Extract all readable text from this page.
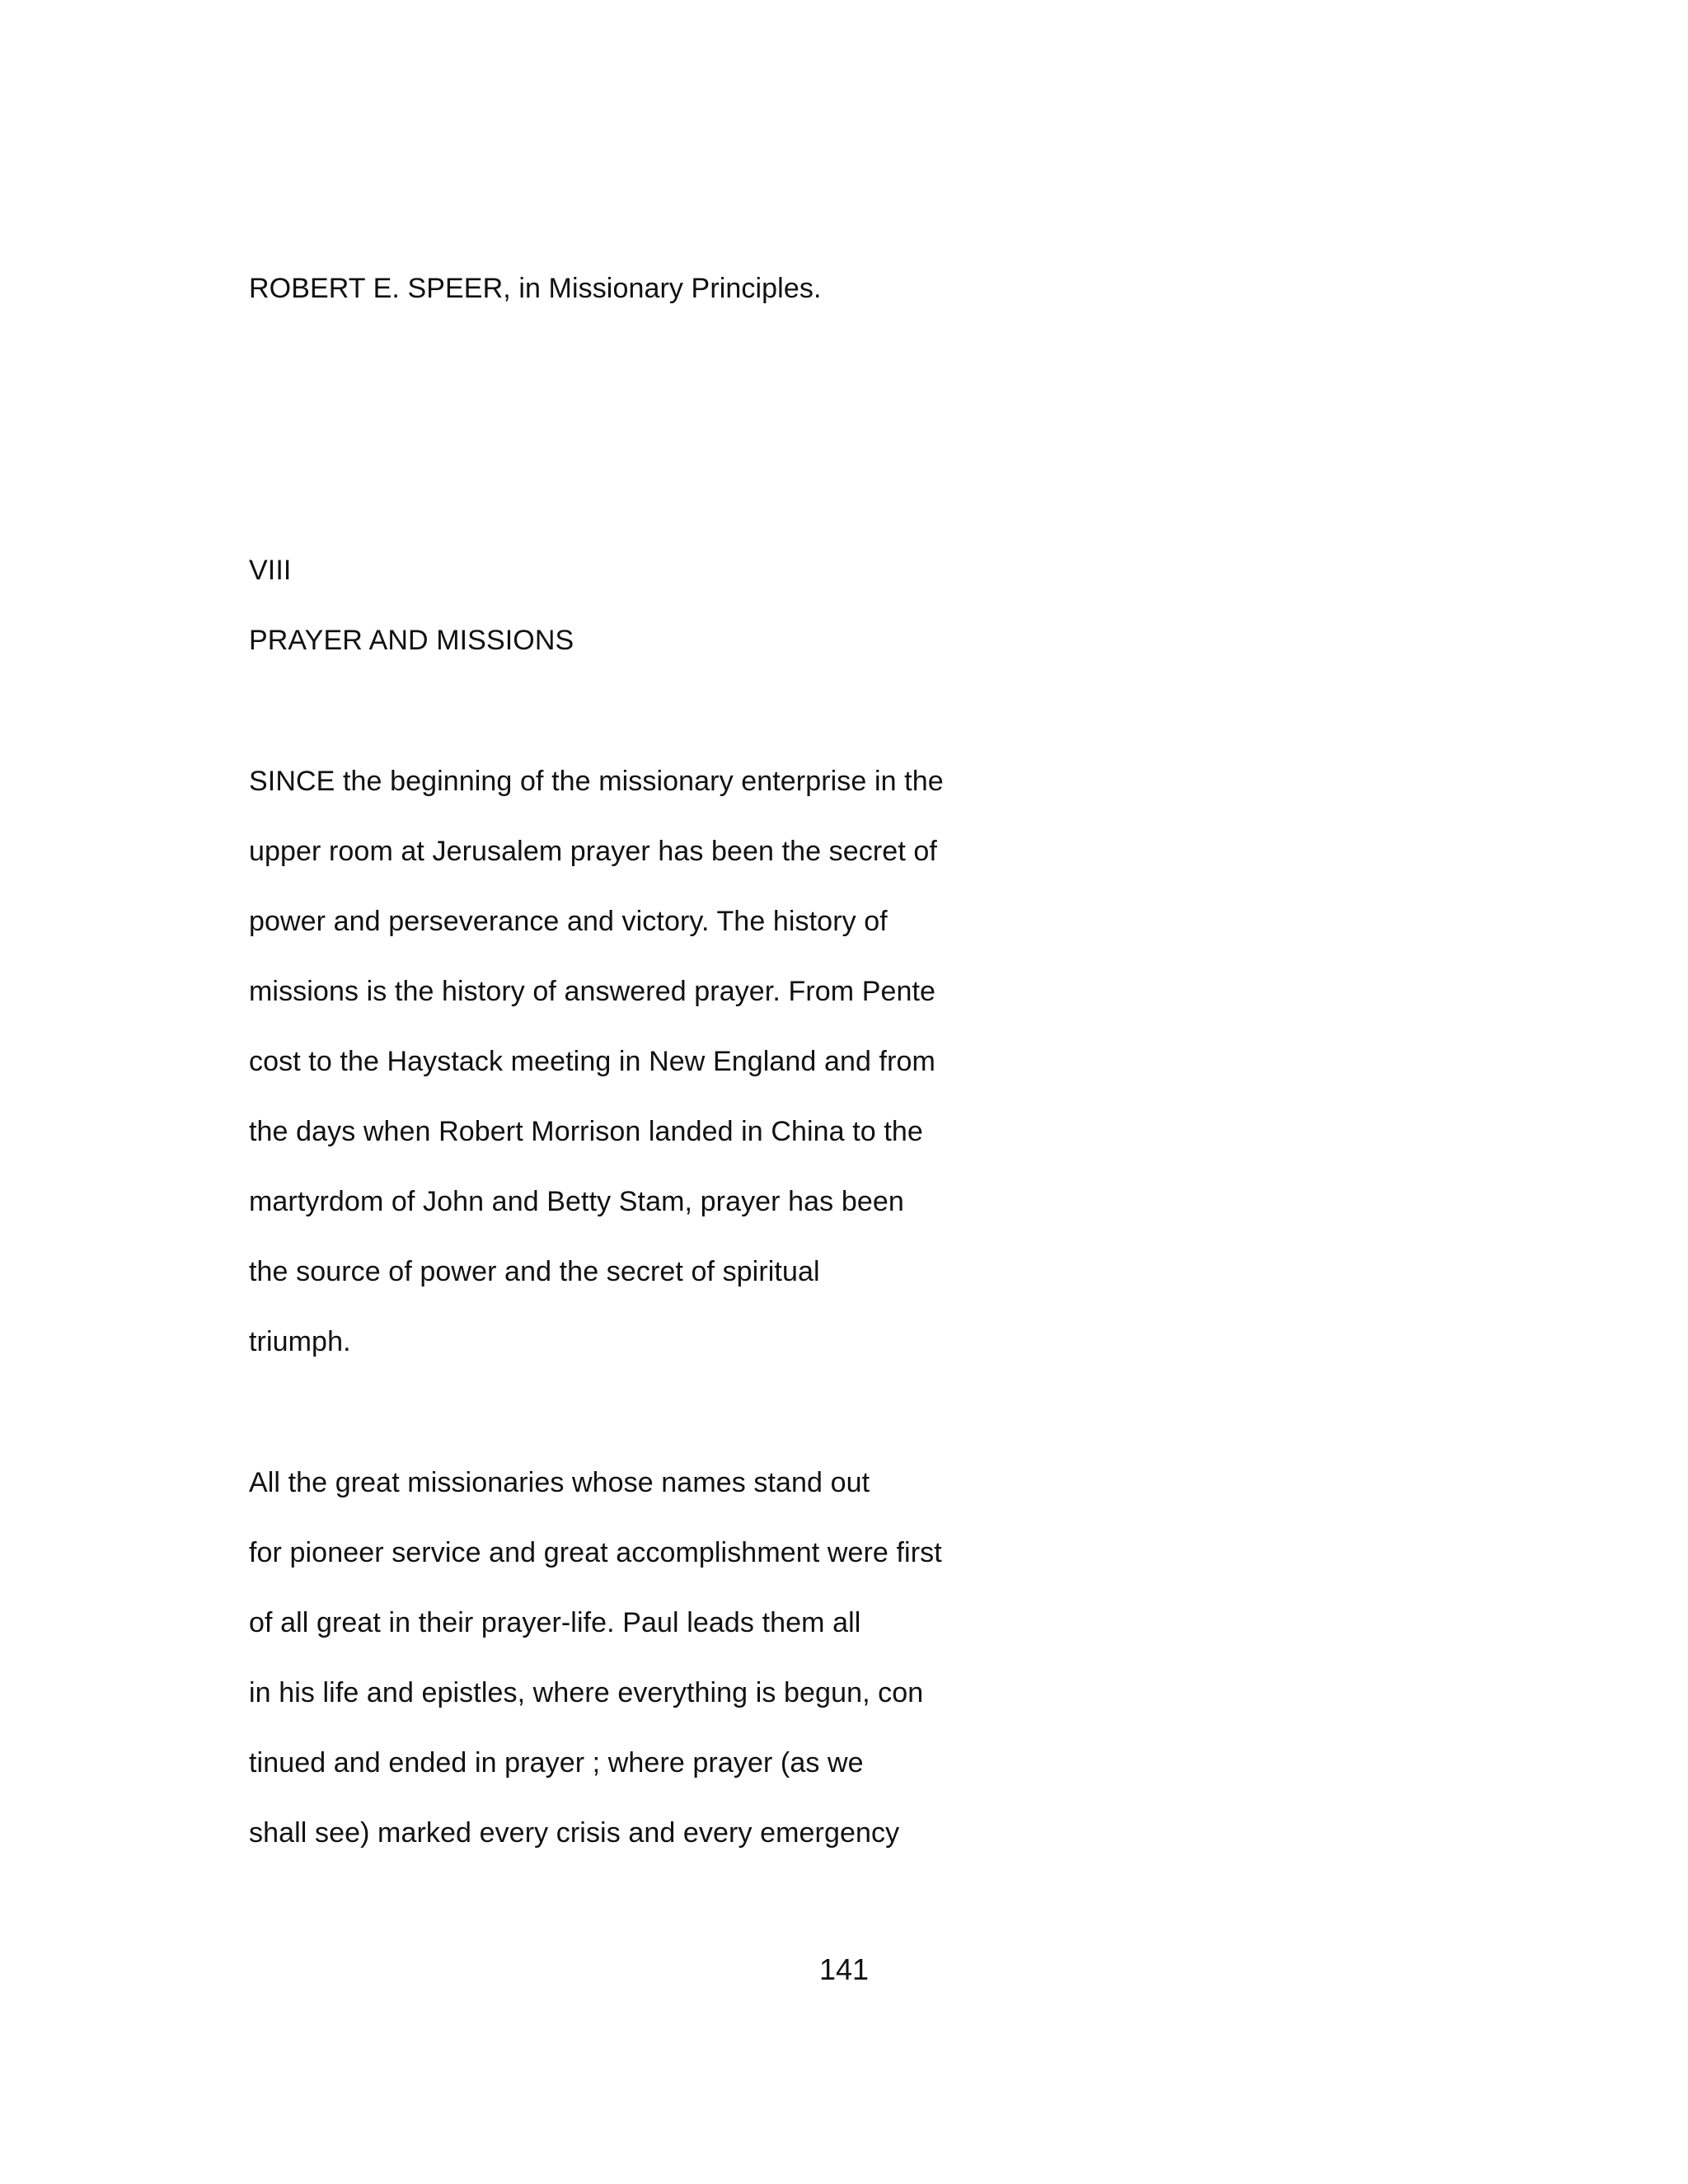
ROBERT E. SPEER, in Missionary Principles.
VIII
PRAYER AND MISSIONS
SINCE the beginning of the missionary enterprise in the
upper room at Jerusalem prayer has been the secret of
power and perseverance and victory. The history of
missions is the history of answered prayer. From Pente
cost to the Haystack meeting in New England and from
the days when Robert Morrison landed in China to the
martyrdom of John and Betty Stam, prayer has been
the source of power and the secret of spiritual
triumph.
All the great missionaries whose names stand out
for pioneer service and great accomplishment were first
of all great in their prayer-life. Paul leads them all
in his life and epistles, where everything is begun, con
tinued and ended in prayer ; where prayer (as we
shall see) marked every crisis and every emergency
141
